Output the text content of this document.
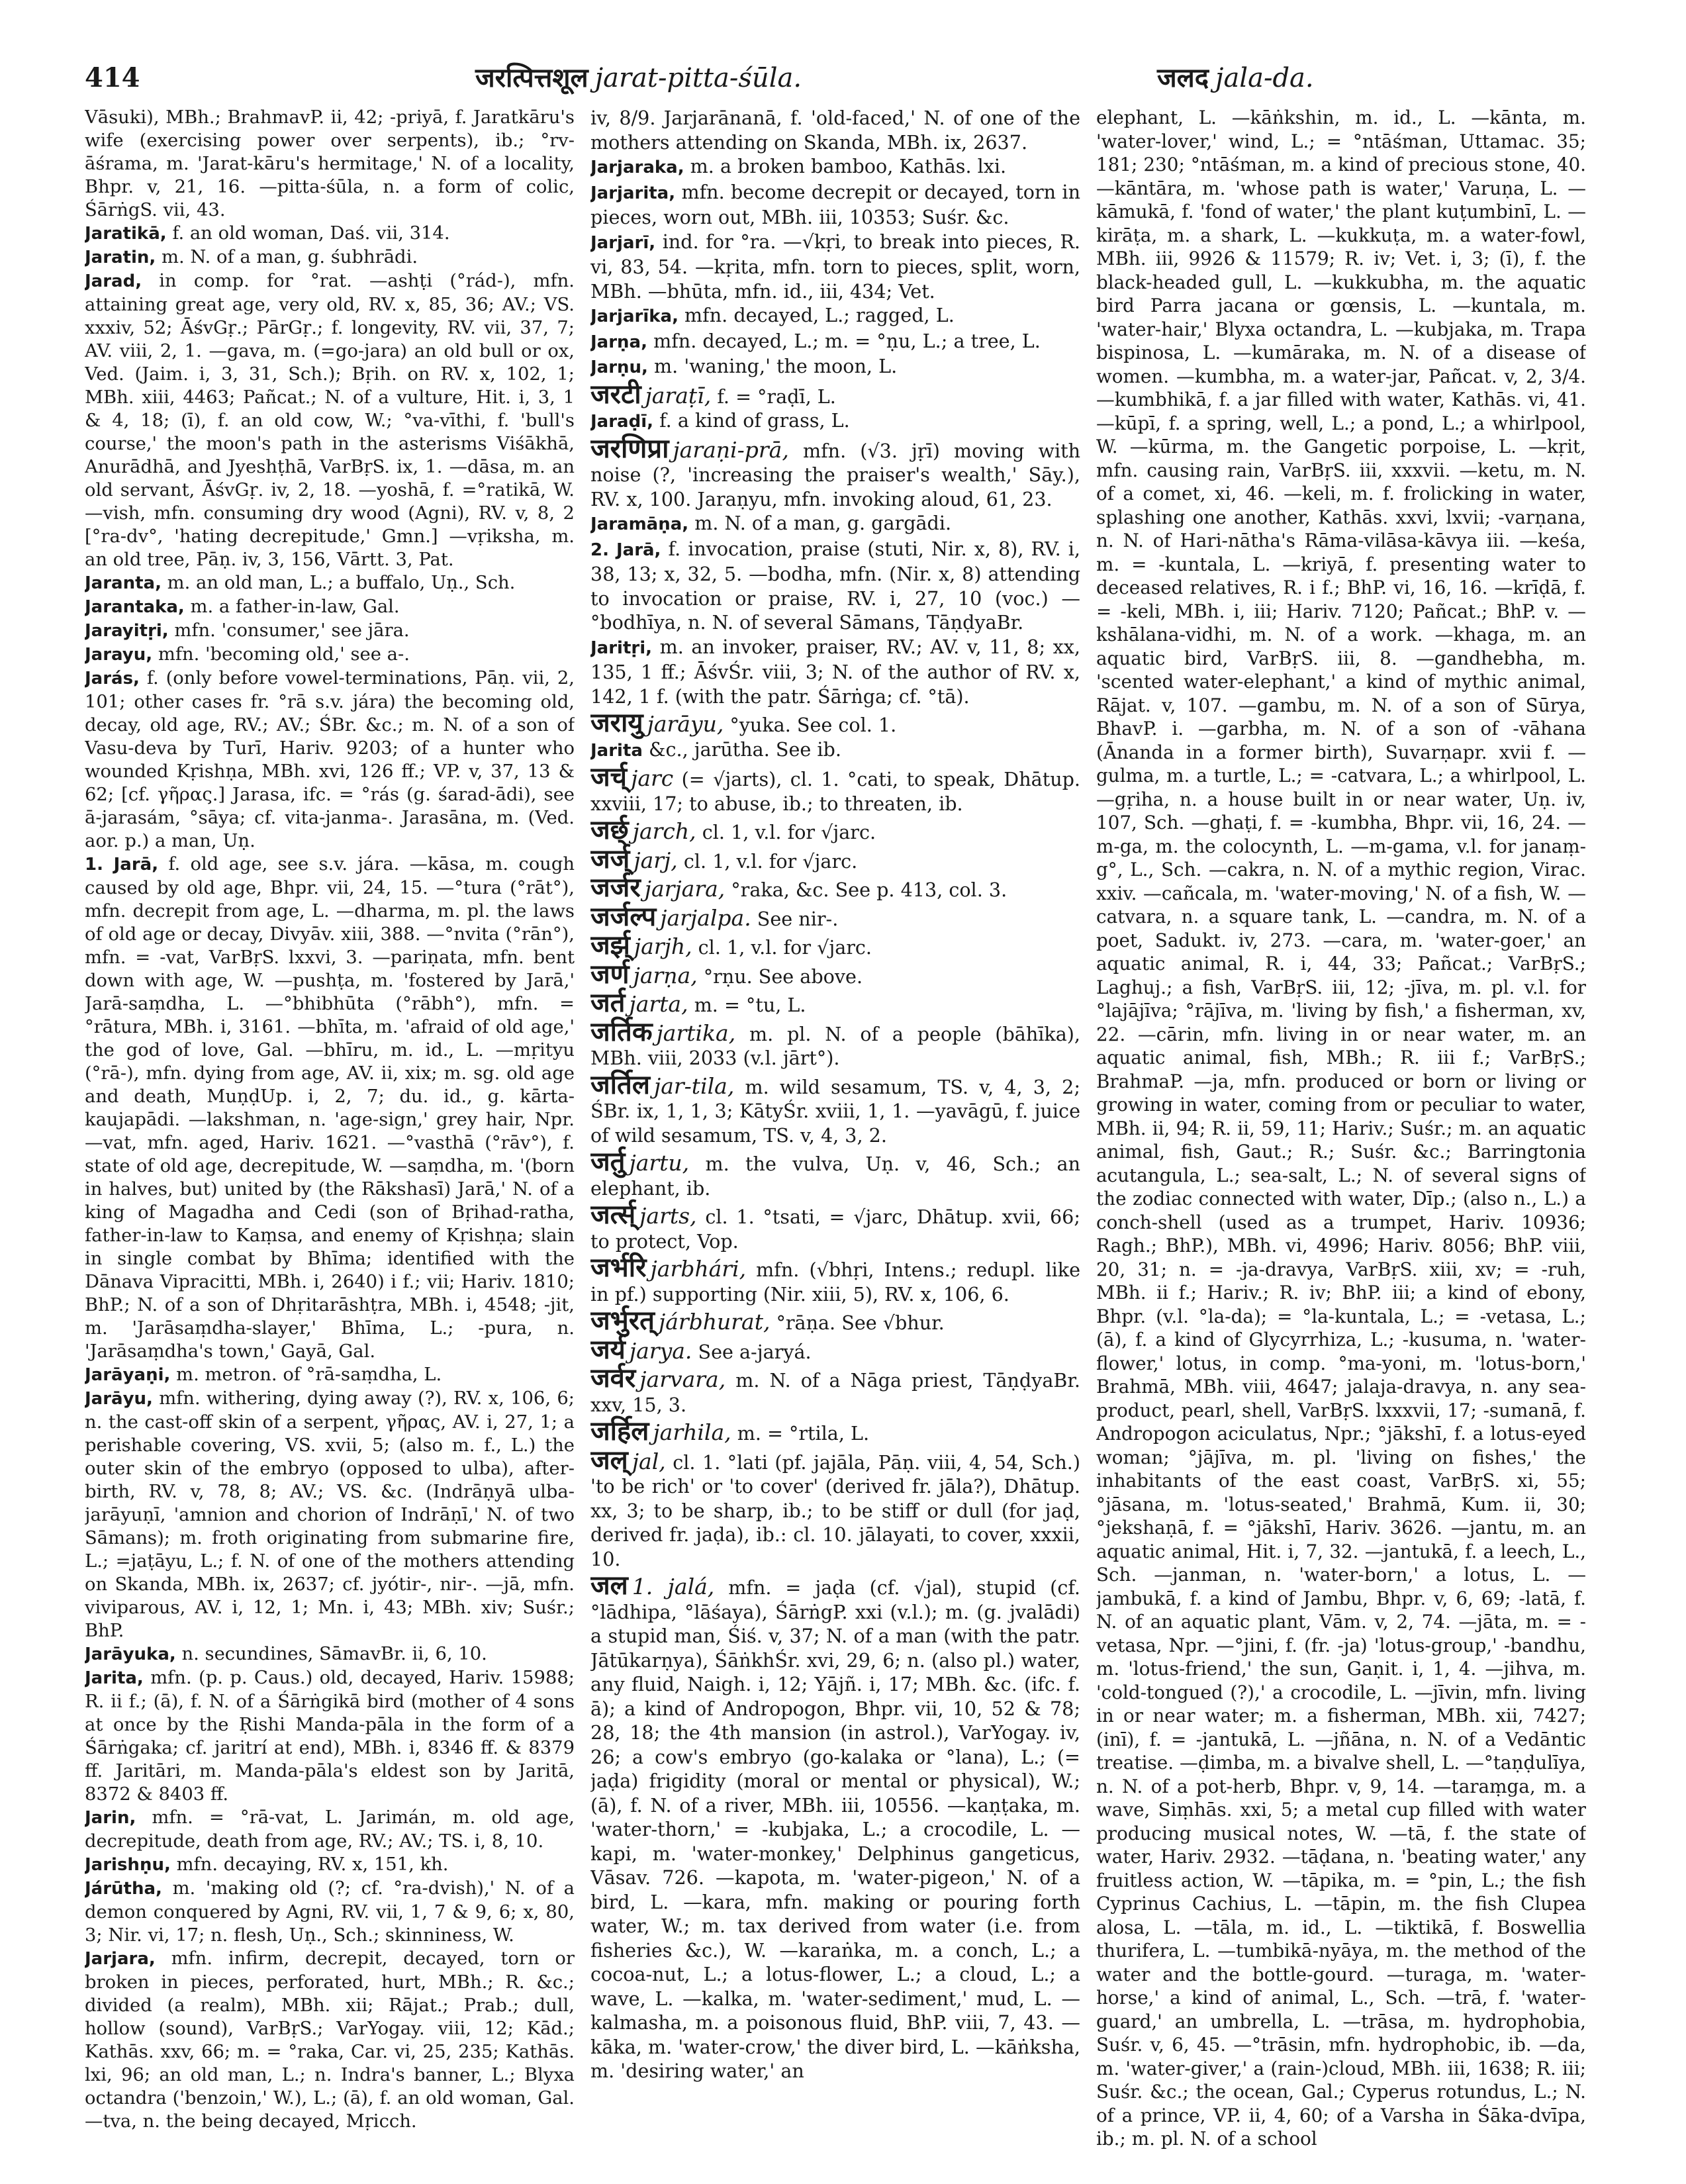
414	जरत्पित्तशूल jarat-pitta-śūla.	जलद jala-da.

Vāsuki), MBh.; BrahmavP. ii, 42; -priyā, f. Jaratkāru's wife (exercising power over serpents), ib.; °rv-āśrama, m. 'Jarat-kāru's hermitage,' N. of a locality, Bhpr. v, 21, 16. —pitta-śūla, n. a form of colic, ŚārṅgS. vii, 43.

Jaratikā, f. an old woman, Daś. vii, 314.

Jaratin, m. N. of a man, g. śubhrādi.

Jarad, in comp. for °rat. —ashṭi (°rád-), mfn. attaining great age, very old, RV. x, 85, 36; AV.; VS. xxxiv, 52; ĀśvGṛ.; PārGṛ.; f. longevity, RV. vii, 37, 7; AV. viii, 2, 1. —gava, m. (=go-jara) an old bull or ox, Ved. (Jaim. i, 3, 31, Sch.); Bṛih. on RV. x, 102, 1; MBh. xiii, 4463; Pañcat.; N. of a vulture, Hit. i, 3, 1 & 4, 18; (ī), f. an old cow, W.; °va-vīthi, f. 'bull's course,' the moon's path in the asterisms Viśākhā, Anurādhā, and Jyeshṭhā, VarBṛS. ix, 1. —dāsa, m. an old servant, ĀśvGṛ. iv, 2, 18. —yoshā, f. =°ratikā, W. —vish, mfn. consuming dry wood (Agni), RV. v, 8, 2 [°ra-dv°, 'hating decrepitude,' Gmn.] —vṛiksha, m. an old tree, Pāṇ. iv, 3, 156, Vārtt. 3, Pat.

Jaranta, m. an old man, L.; a buffalo, Uṇ., Sch.

Jarantaka, m. a father-in-law, Gal.

Jarayitṛi, mfn. 'consumer,' see jāra.

Jarayu, mfn. 'becoming old,' see a-.

Jarás, f. (only before vowel-terminations, Pāṇ. vii, 2, 101; other cases fr. °rā s.v. jára) the becoming old, decay, old age, RV.; AV.; ŚBr. &c.; m. N. of a son of Vasu-deva by Turī, Hariv. 9203; of a hunter who wounded Kṛishṇa, MBh. xvi, 126 ff.; VP. v, 37, 13 & 62; [cf. γῆρας.] Jarasa, ifc. = °rás (g. śarad-ādi), see ā-jarasám, °sāya; cf. vita-janma-. Jarasāna, m. (Ved. aor. p.) a man, Uṇ.

1. Jarā, f. old age, see s.v. jára. —kāsa, m. cough caused by old age, Bhpr. vii, 24, 15. —°tura (°rāt°), mfn. decrepit from age, L. —dharma, m. pl. the laws of old age or decay, Divyāv. xiii, 388. —°nvita (°rān°), mfn. = -vat, VarBṛS. lxxvi, 3. —pariṇata, mfn. bent down with age, W. —pushṭa, m. 'fostered by Jarā,' Jarā-saṃdha, L. —°bhibhūta (°rābh°), mfn. = °rātura, MBh. i, 3161. —bhīta, m. 'afraid of old age,' the god of love, Gal. —bhīru, m. id., L. —mṛityu (°rā-), mfn. dying from age, AV. ii, xix; m. sg. old age and death, MuṇḍUp. i, 2, 7; du. id., g. kārta-kaujapādi. —lakshman, n. 'age-sign,' grey hair, Npr. —vat, mfn. aged, Hariv. 1621. —°vasthā (°rāv°), f. state of old age, decrepitude, W. —saṃdha, m. '(born in halves, but) united by (the Rākshasī) Jarā,' N. of a king of Magadha and Cedi (son of Bṛihad-ratha, father-in-law to Kaṃsa, and enemy of Kṛishṇa; slain in single combat by Bhīma; identified with the Dānava Vipracitti, MBh. i, 2640) i f.; vii; Hariv. 1810; BhP.; N. of a son of Dhṛitarāshṭra, MBh. i, 4548; -jit, m. 'Jarāsaṃdha-slayer,' Bhīma, L.; -pura, n. 'Jarāsaṃdha's town,' Gayā, Gal.

Jarāyaṇi, m. metron. of °rā-saṃdha, L.

Jarāyu, mfn. withering, dying away (?), RV. x, 106, 6; n. the cast-off skin of a serpent, γῆρας, AV. i, 27, 1; a perishable covering, VS. xvii, 5; (also m. f., L.) the outer skin of the embryo (opposed to ulba), after-birth, RV. v, 78, 8; AV.; VS. &c. (Indrāṇyā ulba-jarāyuṇī, 'amnion and chorion of Indrāṇī,' N. of two Sāmans); m. froth originating from submarine fire, L.; =jaṭāyu, L.; f. N. of one of the mothers attending on Skanda, MBh. ix, 2637; cf. jyótir-, nir-. —jā, mfn. viviparous, AV. i, 12, 1; Mn. i, 43; MBh. xiv; Suśr.; BhP.

Jarāyuka, n. secundines, SāmavBr. ii, 6, 10.

Jarita, mfn. (p. p. Caus.) old, decayed, Hariv. 15988; R. ii f.; (ā), f. N. of a Śārṅgikā bird (mother of 4 sons at once by the Ṛishi Manda-pāla in the form of a Śārṅgaka; cf. jaritrí at end), MBh. i, 8346 ff. & 8379 ff. Jaritāri, m. Manda-pāla's eldest son by Jaritā, 8372 & 8403 ff.

Jarin, mfn. = °rā-vat, L. Jarimán, m. old age, decrepitude, death from age, RV.; AV.; TS. i, 8, 10.

Jarishṇu, mfn. decaying, RV. x, 151, kh.

Járūtha, m. 'making old (?; cf. °ra-dvish),' N. of a demon conquered by Agni, RV. vii, 1, 7 & 9, 6; x, 80, 3; Nir. vi, 17; n. flesh, Uṇ., Sch.; skinniness, W.

Jarjara, mfn. infirm, decrepit, decayed, torn or broken in pieces, perforated, hurt, MBh.; R. &c.; divided (a realm), MBh. xii; Rājat.; Prab.; dull, hollow (sound), VarBṛS.; VarYogay. viii, 12; Kād.; Kathās. xxv, 66; m. = °raka, Car. vi, 25, 235; Kathās. lxi, 96; an old man, L.; n. Indra's banner, L.; Blyxa octandra ('benzoin,' W.), L.; (ā), f. an old woman, Gal. —tva, n. the being decayed, Mṛicch.

iv, 8/9. Jarjarānanā, f. 'old-faced,' N. of one of the mothers attending on Skanda, MBh. ix, 2637.

Jarjaraka, m. a broken bamboo, Kathās. lxi.

Jarjarita, mfn. become decrepit or decayed, torn in pieces, worn out, MBh. iii, 10353; Suśr. &c.

Jarjarī, ind. for °ra. —√kṛi, to break into pieces, R. vi, 83, 54. —kṛita, mfn. torn to pieces, split, worn, MBh. —bhūta, mfn. id., iii, 434; Vet.

Jarjarīka, mfn. decayed, L.; ragged, L.

Jarṇa, mfn. decayed, L.; m. = °ṇu, L.; a tree, L.

Jarṇu, m. 'waning,' the moon, L.

जरटी jaraṭī, f. = °raḍī, L.

Jaraḍī, f. a kind of grass, L.

जरणिप्रा jaraṇi-prā, mfn. (√3. jṛī) moving with noise (?, 'increasing the praiser's wealth,' Sāy.), RV. x, 100. Jaraṇyu, mfn. invoking aloud, 61, 23.

Jaramāṇa, m. N. of a man, g. gargādi.

2. Jarā, f. invocation, praise (stuti, Nir. x, 8), RV. i, 38, 13; x, 32, 5. —bodha, mfn. (Nir. x, 8) attending to invocation or praise, RV. i, 27, 10 (voc.) —°bodhīya, n. N. of several Sāmans, TāṇḍyaBr.

Jaritṛi, m. an invoker, praiser, RV.; AV. v, 11, 8; xx, 135, 1 ff.; ĀśvŚr. viii, 3; N. of the author of RV. x, 142, 1 f. (with the patr. Śārṅga; cf. °tā).

जरायु jarāyu, °yuka. See col. 1.

Jarita &c., jarūtha. See ib.

जर्च् jarc (= √jarts), cl. 1. °cati, to speak, Dhātup. xxviii, 17; to abuse, ib.; to threaten, ib.

जर्छ् jarch, cl. 1, v.l. for √jarc.

जर्ज् jarj, cl. 1, v.l. for √jarc.

जर्जर jarjara, °raka, &c. See p. 413, col. 3.

जर्जल्प jarjalpa. See nir-.

जर्झ् jarjh, cl. 1, v.l. for √jarc.

जर्ण jarṇa, °rṇu. See above.

जर्त jarta, m. = °tu, L.

जर्तिक jartika, m. pl. N. of a people (bāhīka), MBh. viii, 2033 (v.l. jārt°).

जर्तिल jar-tila, m. wild sesamum, TS. v, 4, 3, 2; ŚBr. ix, 1, 1, 3; KātyŚr. xviii, 1, 1. —yavāgū, f. juice of wild sesamum, TS. v, 4, 3, 2.

जर्तु jartu, m. the vulva, Uṇ. v, 46, Sch.; an elephant, ib.

जर्त्स् jarts, cl. 1. °tsati, = √jarc, Dhātup. xvii, 66; to protect, Vop.

जर्भरि jarbhári, mfn. (√bhṛi, Intens.; redupl. like in pf.) supporting (Nir. xiii, 5), RV. x, 106, 6.

जर्भुरत् járbhurat, °rāṇa. See √bhur.

जर्य jarya. See a-jaryá.

जर्वर jarvara, m. N. of a Nāga priest, TāṇḍyaBr. xxv, 15, 3.

जर्हिल jarhila, m. = °rtila, L.

जल् jal, cl. 1. °lati (pf. jajāla, Pāṇ. viii, 4, 54, Sch.) 'to be rich' or 'to cover' (derived fr. jāla?), Dhātup. xx, 3; to be sharp, ib.; to be stiff or dull (for jaḍ, derived fr. jaḍa), ib.: cl. 10. jālayati, to cover, xxxii, 10.

जल 1. jalá, mfn. = jaḍa (cf. √jal), stupid (cf. °lādhipa, °lāśaya), ŚārṅgP. xxi (v.l.); m. (g. jvalādi) a stupid man, Śiś. v, 37; N. of a man (with the patr. Jātūkarṇya), ŚāṅkhŚr. xvi, 29, 6; n. (also pl.) water, any fluid, Naigh. i, 12; Yājñ. i, 17; MBh. &c. (ifc. f. ā); a kind of Andropogon, Bhpr. vii, 10, 52 & 78; 28, 18; the 4th mansion (in astrol.), VarYogay. iv, 26; a cow's embryo (go-kalaka or °lana), L.; (= jaḍa) frigidity (moral or mental or physical), W.; (ā), f. N. of a river, MBh. iii, 10556. —kaṇṭaka, m. 'water-thorn,' = -kubjaka, L.; a crocodile, L. —kapi, m. 'water-monkey,' Delphinus gangeticus, Vāsav. 726. —kapota, m. 'water-pigeon,' N. of a bird, L. —kara, mfn. making or pouring forth water, W.; m. tax derived from water (i.e. from fisheries &c.), W. —karaṅka, m. a conch, L.; a cocoa-nut, L.; a lotus-flower, L.; a cloud, L.; a wave, L. —kalka, m. 'water-sediment,' mud, L. —kalmasha, m. a poisonous fluid, BhP. viii, 7, 43. —kāka, m. 'water-crow,' the diver bird, L. —kāṅksha, m. 'desiring water,' an

elephant, L. —kāṅkshin, m. id., L. —kānta, m. 'water-lover,' wind, L.; = °ntāśman, Uttamac. 35; 181; 230; °ntāśman, m. a kind of precious stone, 40. —kāntāra, m. 'whose path is water,' Varuṇa, L. —kāmukā, f. 'fond of water,' the plant kuṭumbinī, L. —kirāṭa, m. a shark, L. —kukkuṭa, m. a water-fowl, MBh. iii, 9926 & 11579; R. iv; Vet. i, 3; (ī), f. the black-headed gull, L. —kukkubha, m. the aquatic bird Parra jacana or gœnsis, L. —kuntala, m. 'water-hair,' Blyxa octandra, L. —kubjaka, m. Trapa bispinosa, L. —kumāraka, m. N. of a disease of women. —kumbha, m. a water-jar, Pañcat. v, 2, 3/4. —kumbhikā, f. a jar filled with water, Kathās. vi, 41. —kūpī, f. a spring, well, L.; a pond, L.; a whirlpool, W. —kūrma, m. the Gangetic porpoise, L. —kṛit, mfn. causing rain, VarBṛS. iii, xxxvii. —ketu, m. N. of a comet, xi, 46. —keli, m. f. frolicking in water, splashing one another, Kathās. xxvi, lxvii; -varṇana, n. N. of Hari-nātha's Rāma-vilāsa-kāvya iii. —keśa, m. = -kuntala, L. —kriyā, f. presenting water to deceased relatives, R. i f.; BhP. vi, 16, 16. —krīḍā, f. = -keli, MBh. i, iii; Hariv. 7120; Pañcat.; BhP. v. —kshālana-vidhi, m. N. of a work. —khaga, m. an aquatic bird, VarBṛS. iii, 8. —gandhebha, m. 'scented water-elephant,' a kind of mythic animal, Rājat. v, 107. —gambu, m. N. of a son of Sūrya, BhavP. i. —garbha, m. N. of a son of -vāhana (Ānanda in a former birth), Suvarṇapr. xvii f. —gulma, m. a turtle, L.; = -catvara, L.; a whirlpool, L. —gṛiha, n. a house built in or near water, Uṇ. iv, 107, Sch. —ghaṭi, f. = -kumbha, Bhpr. vii, 16, 24. —m-ga, m. the colocynth, L. —m-gama, v.l. for janaṃ-g°, L., Sch. —cakra, n. N. of a mythic region, Virac. xxiv. —cañcala, m. 'water-moving,' N. of a fish, W. —catvara, n. a square tank, L. —candra, m. N. of a poet, Sadukt. iv, 273. —cara, m. 'water-goer,' an aquatic animal, R. i, 44, 33; Pañcat.; VarBṛS.; Laghuj.; a fish, VarBṛS. iii, 12; -jīva, m. pl. v.l. for °lajājīva; °rājīva, m. 'living by fish,' a fisherman, xv, 22. —cārin, mfn. living in or near water, m. an aquatic animal, fish, MBh.; R. iii f.; VarBṛS.; BrahmaP. —ja, mfn. produced or born or living or growing in water, coming from or peculiar to water, MBh. ii, 94; R. ii, 59, 11; Hariv.; Suśr.; m. an aquatic animal, fish, Gaut.; R.; Suśr. &c.; Barringtonia acutangula, L.; sea-salt, L.; N. of several signs of the zodiac connected with water, Dīp.; (also n., L.) a conch-shell (used as a trumpet, Hariv. 10936; Ragh.; BhP.), MBh. vi, 4996; Hariv. 8056; BhP. viii, 20, 31; n. = -ja-dravya, VarBṛS. xiii, xv; = -ruh, MBh. ii f.; Hariv.; R. iv; BhP. iii; a kind of ebony, Bhpr. (v.l. °la-da); = °la-kuntala, L.; = -vetasa, L.; (ā), f. a kind of Glycyrrhiza, L.; -kusuma, n. 'water-flower,' lotus, in comp. °ma-yoni, m. 'lotus-born,' Brahmā, MBh. viii, 4647; jalaja-dravya, n. any sea-product, pearl, shell, VarBṛS. lxxxvii, 17; -sumanā, f. Andropogon aciculatus, Npr.; °jākshī, f. a lotus-eyed woman; °jājīva, m. pl. 'living on fishes,' the inhabitants of the east coast, VarBṛS. xi, 55; °jāsana, m. 'lotus-seated,' Brahmā, Kum. ii, 30; °jekshaṇā, f. = °jākshī, Hariv. 3626. —jantu, m. an aquatic animal, Hit. i, 7, 32. —jantukā, f. a leech, L., Sch. —janman, n. 'water-born,' a lotus, L. —jambukā, f. a kind of Jambu, Bhpr. v, 6, 69; -latā, f. N. of an aquatic plant, Vām. v, 2, 74. —jāta, m. = -vetasa, Npr. —°jini, f. (fr. -ja) 'lotus-group,' -bandhu, m. 'lotus-friend,' the sun, Gaṇit. i, 1, 4. —jihva, m. 'cold-tongued (?),' a crocodile, L. —jīvin, mfn. living in or near water; m. a fisherman, MBh. xii, 7427; (inī), f. = -jantukā, L. —jñāna, n. N. of a Vedāntic treatise. —ḍimba, m. a bivalve shell, L. —°taṇḍulīya, n. N. of a pot-herb, Bhpr. v, 9, 14. —taraṃga, m. a wave, Siṃhās. xxi, 5; a metal cup filled with water producing musical notes, W. —tā, f. the state of water, Hariv. 2932. —tāḍana, n. 'beating water,' any fruitless action, W. —tāpika, m. = °pin, L.; the fish Cyprinus Cachius, L. —tāpin, m. the fish Clupea alosa, L. —tāla, m. id., L. —tiktikā, f. Boswellia thurifera, L. —tumbikā-nyāya, m. the method of the water and the bottle-gourd. —turaga, m. 'water-horse,' a kind of animal, L., Sch. —trā, f. 'water-guard,' an umbrella, L. —trāsa, m. hydrophobia, Suśr. v, 6, 45. —°trāsin, mfn. hydrophobic, ib. —da, m. 'water-giver,' a (rain-)cloud, MBh. iii, 1638; R. iii; Suśr. &c.; the ocean, Gal.; Cyperus rotundus, L.; N. of a prince, VP. ii, 4, 60; of a Varsha in Śāka-dvīpa, ib.; m. pl. N. of a school
